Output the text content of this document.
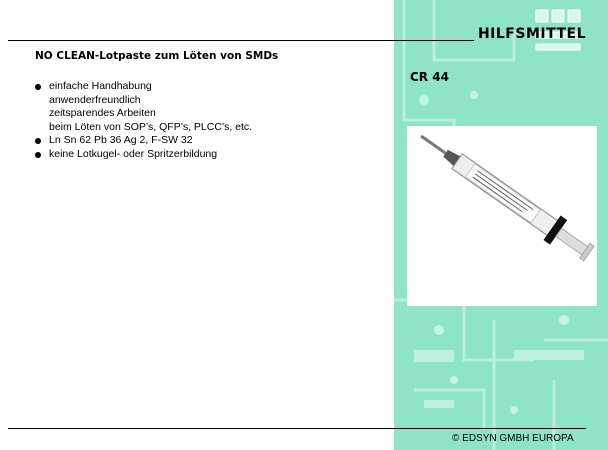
HILFSMITTEL
NO CLEAN-Lotpaste zum Löten von SMDs
einfache Handhabung
anwenderfreundlich
zeitsparendes Arbeiten
beim Löten von SOP’s, QFP’s, PLCC’s, etc.
Ln Sn 62 Pb 36 Ag 2, F-SW 32
keine Lotkugel- oder Spritzerbildung
CR 44
© EDSYN GMBH EUROPA
